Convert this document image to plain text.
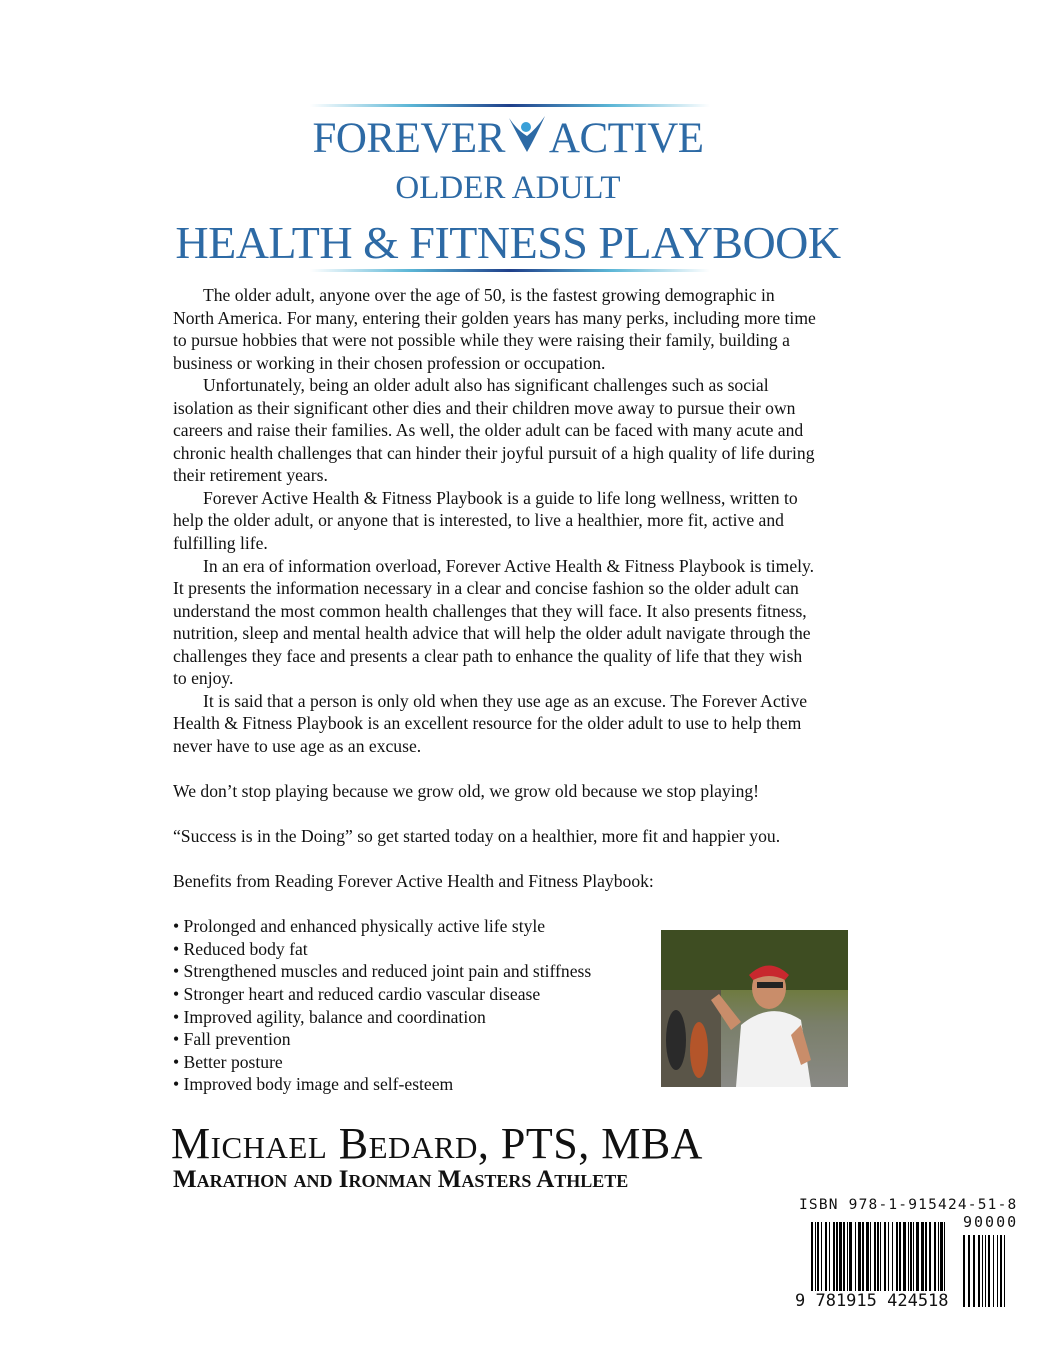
FOREVER ACTIVE
OLDER ADULT
HEALTH & FITNESS PLAYBOOK
The older adult, anyone over the age of 50, is the fastest growing demographic in
North America. For many, entering their golden years has many perks, including more time
to pursue hobbies that were not possible while they were raising their family, building a
business or working in their chosen profession or occupation.
Unfortunately, being an older adult also has significant challenges such as social
isolation as their significant other dies and their children move away to pursue their own
careers and raise their families. As well, the older adult can be faced with many acute and
chronic health challenges that can hinder their joyful pursuit of a high quality of life during
their retirement years.
Forever Active Health & Fitness Playbook is a guide to life long wellness, written to
help the older adult, or anyone that is interested, to live a healthier, more fit, active and
fulfilling life.
In an era of information overload, Forever Active Health & Fitness Playbook is timely.
It presents the information necessary in a clear and concise fashion so the older adult can
understand the most common health challenges that they will face. It also presents fitness,
nutrition, sleep and mental health advice that will help the older adult navigate through the
challenges they face and presents a clear path to enhance the quality of life that they wish
to enjoy.
It is said that a person is only old when they use age as an excuse. The Forever Active
Health & Fitness Playbook is an excellent resource for the older adult to use to help them
never have to use age as an excuse.
We don’t stop playing because we grow old, we grow old because we stop playing!
“Success is in the Doing” so get started today on a healthier, more fit and happier you.
Benefits from Reading Forever Active Health and Fitness Playbook:
• Prolonged and enhanced physically active life style
• Reduced body fat
• Strengthened muscles and reduced joint pain and stiffness
• Stronger heart and reduced cardio vascular disease
• Improved agility, balance and coordination
• Fall prevention
• Better posture
• Improved body image and self-esteem
Michael Bedard, PTS, MBA
Marathon and Ironman Masters Athlete
ISBN 978-1-915424-51-8
90000
9 781915 424518
